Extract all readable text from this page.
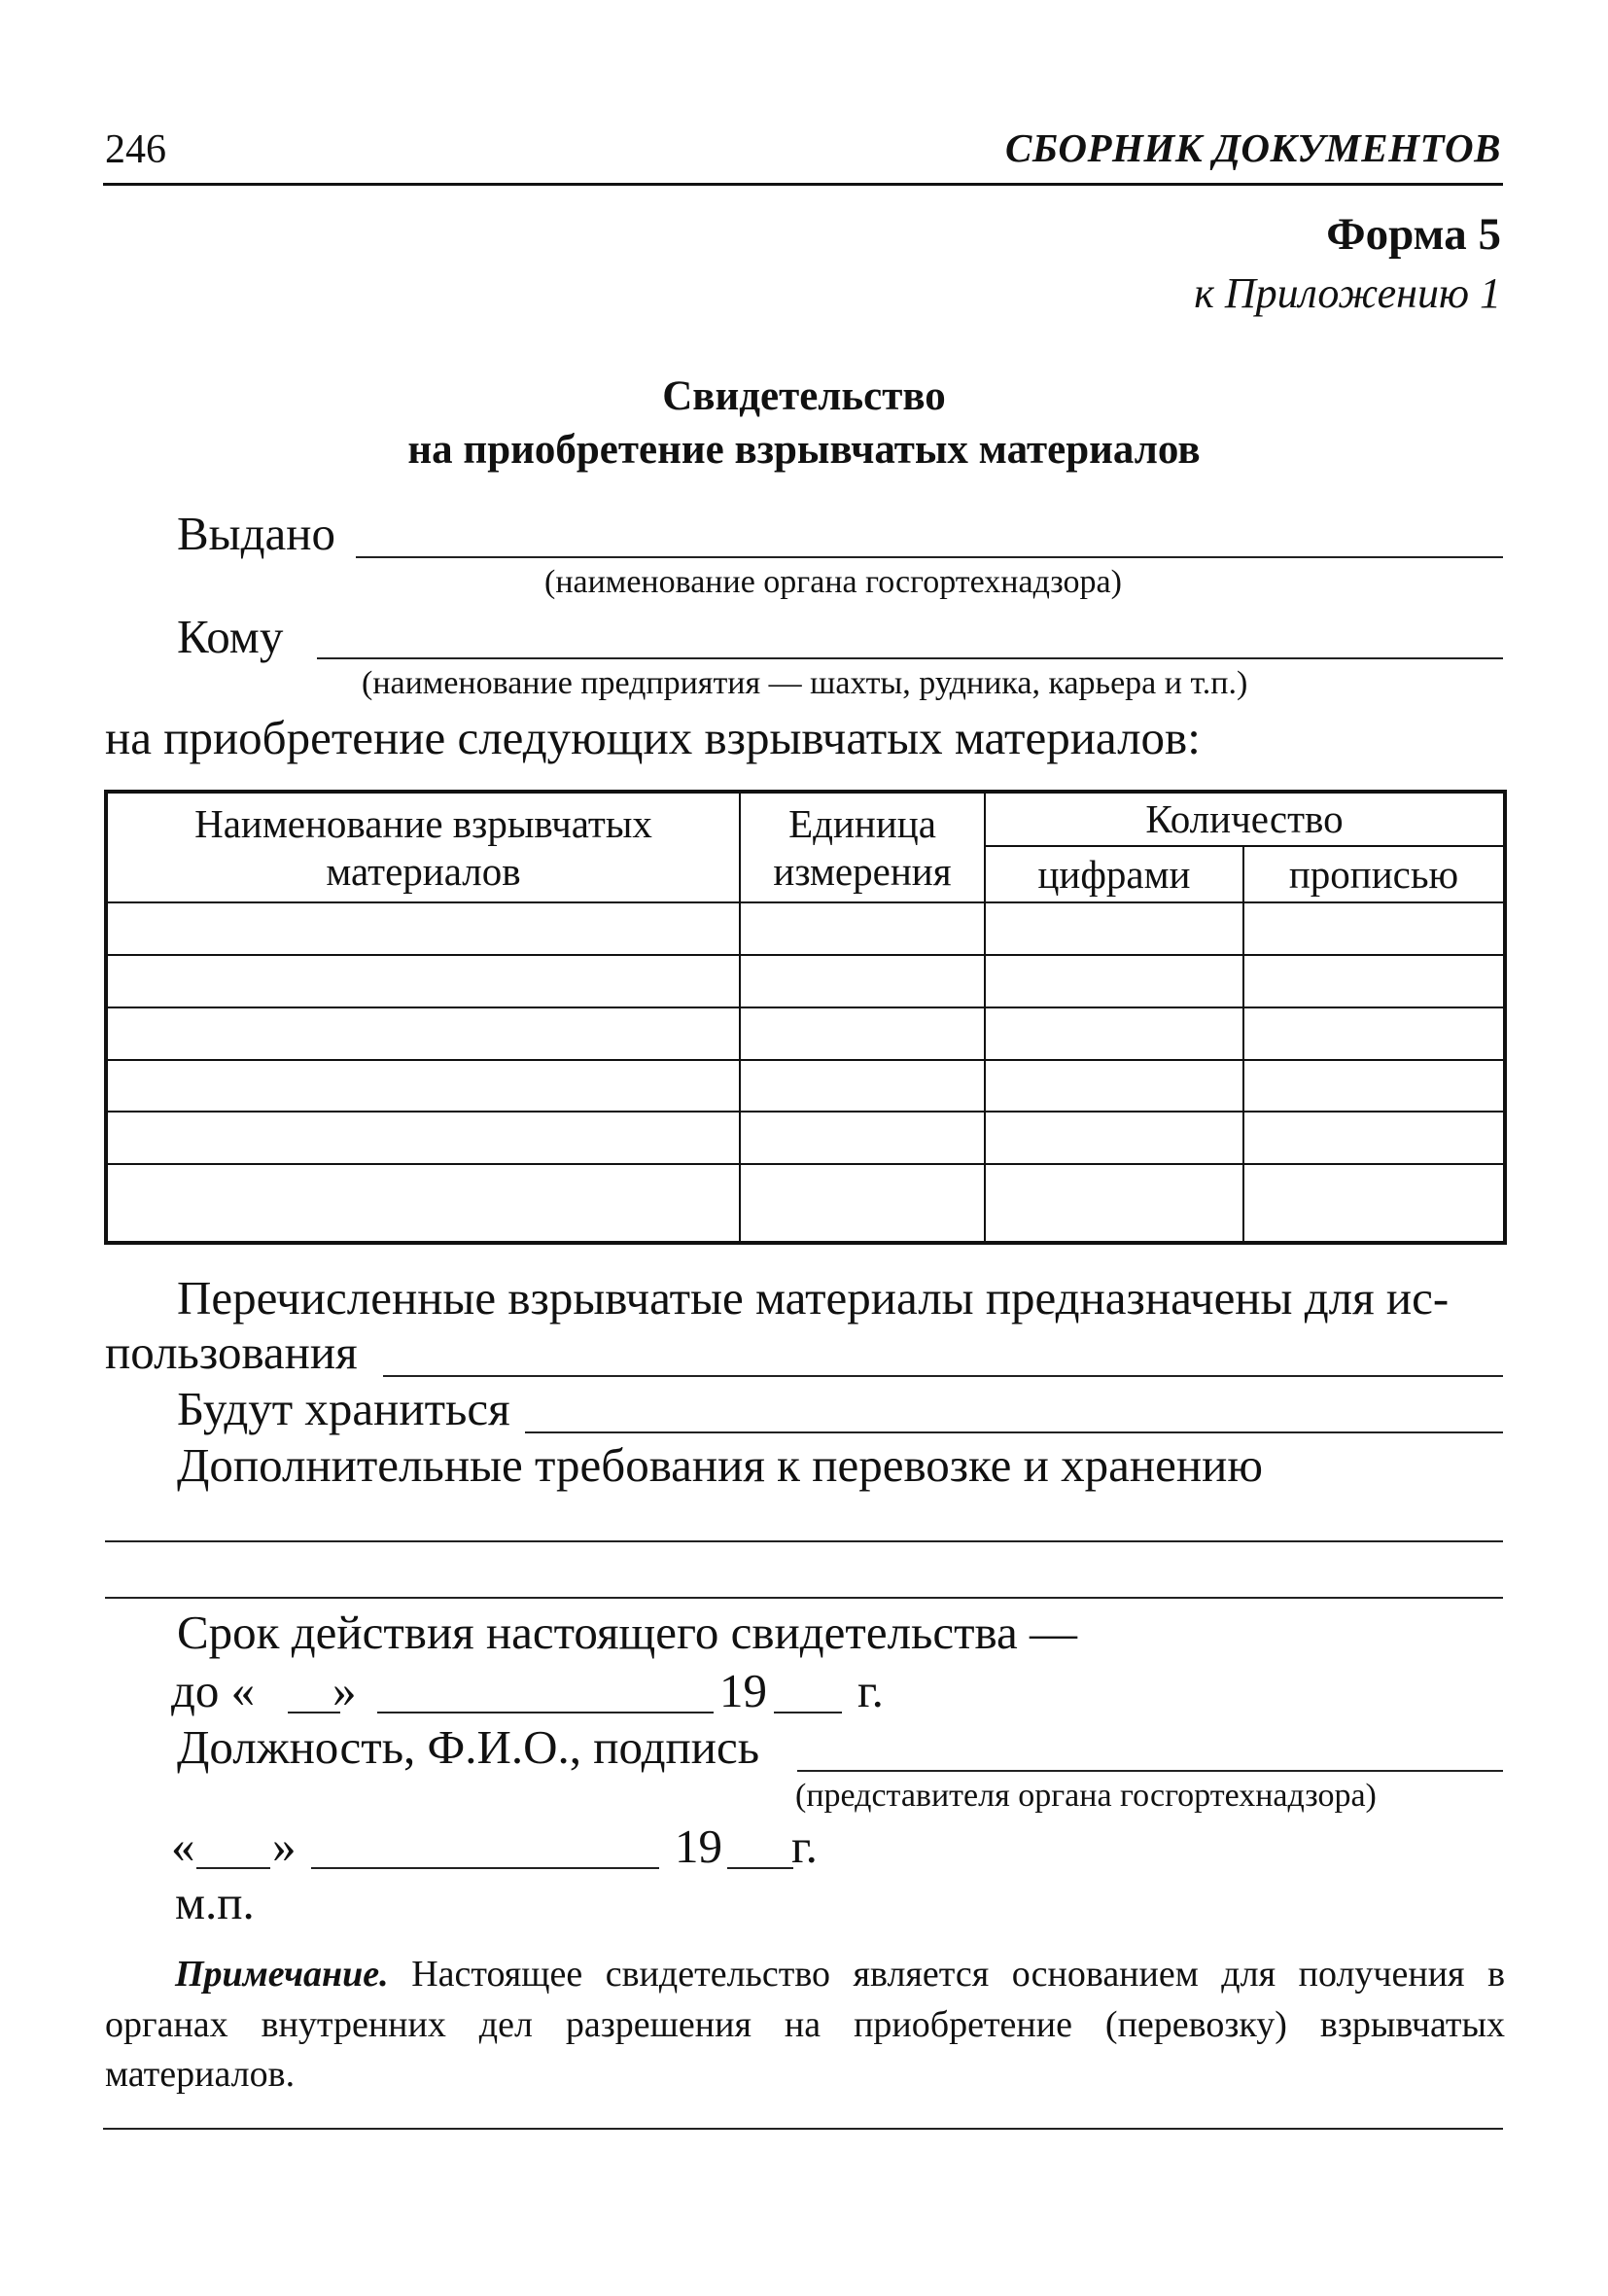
246	СБОРНИК ДОКУМЕНТОВ
Форма 5
к Приложению 1
Свидетельство
на приобретение взрывчатых материалов
Выдано
(наименование органа госгортехнадзора)
Кому
(наименование предприятия — шахты, рудника, карьера и т.п.)
на приобретение следующих взрывчатых материалов:
Наименование взрывчатых материалов	Единица измерения	Количество	
		цифрами	прописью

Перечисленные взрывчатые материалы предназначены для ис-
пользования
Будут храниться
Дополнительные требования к перевозке и хранению
Срок действия настоящего свидетельства —
до « »	19 г.
Должность, Ф.И.О., подпись
(представителя органа госгортехнадзора)
« »	19 г.
м.п.
Примечание. Настоящее свидетельство является основанием для получения в органах внутренних дел разрешения на приобретение (перевозку) взрывчатых материалов.
